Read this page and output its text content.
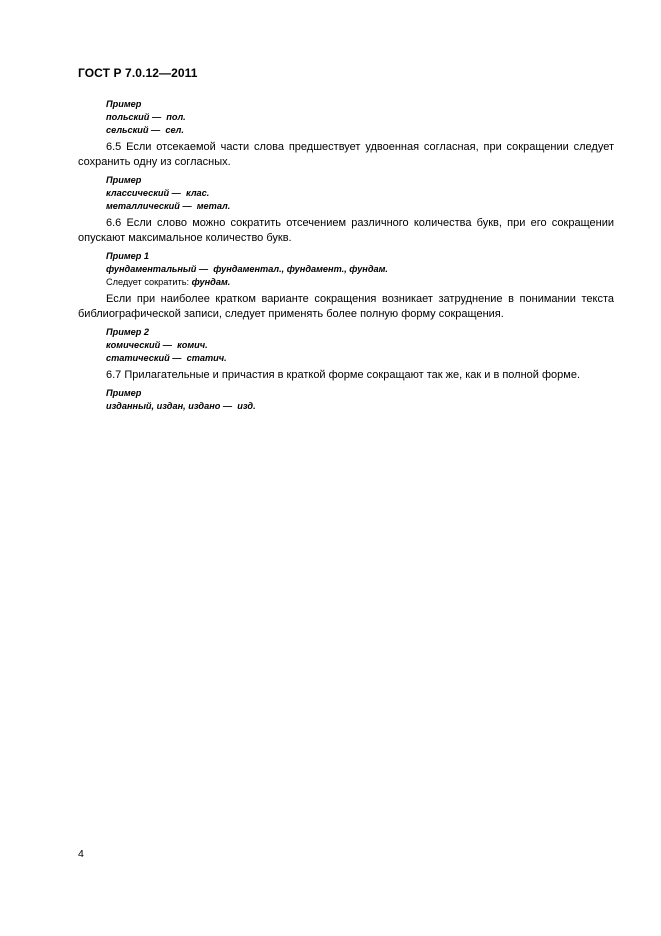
ГОСТ Р 7.0.12—2011
Пример
польский —  пол.
сельский —  сел.
6.5 Если отсекаемой части слова предшествует удвоенная согласная, при сокращении следует сохранить одну из согласных.
Пример
классический —  клас.
металлический —  метал.
6.6 Если слово можно сократить отсечением различного количества букв, при его сокращении опускают максимальное количество букв.
Пример 1
фундаментальный —  фундаментал., фундамент., фундам.
Следует сократить: фундам.
Если при наиболее кратком варианте сокращения возникает затруднение в понимании текста библиографической записи, следует применять более полную форму сокращения.
Пример 2
комический —  комич.
статический —  статич.
6.7 Прилагательные и причастия в краткой форме сокращают так же, как и в полной форме.
Пример
изданный, издан, издано —  изд.
4
